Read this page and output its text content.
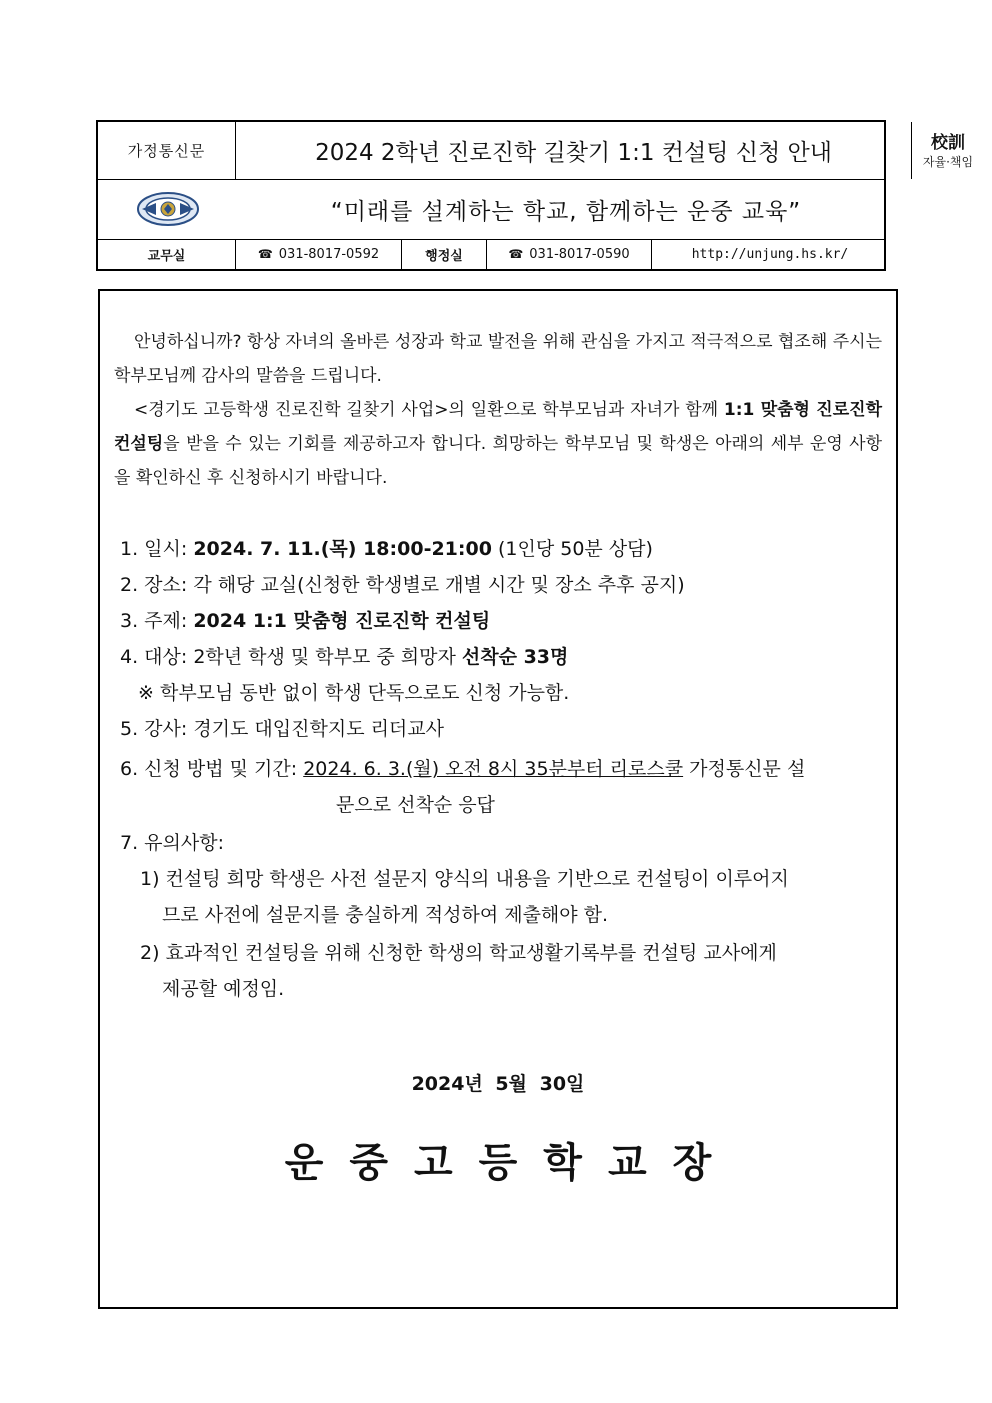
가정통신문	2024 2학년 진로진학 길찾기 1:1 컨설팅 신청 안내	校訓
자율·책임
“미래를 설계하는 학교, 함께하는 운중 교육”
교무실	☎ 031-8017-0592	행정실	☎ 031-8017-0590	http://unjung.hs.kr/
안녕하십니까? 항상 자녀의 올바른 성장과 학교 발전을 위해 관심을 가지고 적극적으로 협조해 주시는 학부모님께 감사의 말씀을 드립니다.
<경기도 고등학생 진로진학 길찾기 사업>의 일환으로 학부모님과 자녀가 함께 1:1 맞춤형 진로진학 컨설팅을 받을 수 있는 기회를 제공하고자 합니다. 희망하는 학부모님 및 학생은 아래의 세부 운영 사항을 확인하신 후 신청하시기 바랍니다.
1. 일시: 2024. 7. 11.(목) 18:00-21:00 (1인당 50분 상담)
2. 장소: 각 해당 교실(신청한 학생별로 개별 시간 및 장소 추후 공지)
3. 주제: 2024 1:1 맞춤형 진로진학 컨설팅
4. 대상: 2학년 학생 및 학부모 중 희망자 선착순 33명
※ 학부모님 동반 없이 학생 단독으로도 신청 가능함.
5. 강사: 경기도 대입진학지도 리더교사
6. 신청 방법 및 기간: 2024. 6. 3.(월) 오전 8시 35분부터 리로스쿨 가정통신문 설
문으로 선착순 응답
7. 유의사항:
1) 컨설팅 희망 학생은 사전 설문지 양식의 내용을 기반으로 컨설팅이 이루어지
므로 사전에 설문지를 충실하게 적성하여 제출해야 함.
2) 효과적인 컨설팅을 위해 신청한 학생의 학교생활기록부를 컨설팅 교사에게
제공할 예정임.
2024년 5월 30일
운중고등학교장
